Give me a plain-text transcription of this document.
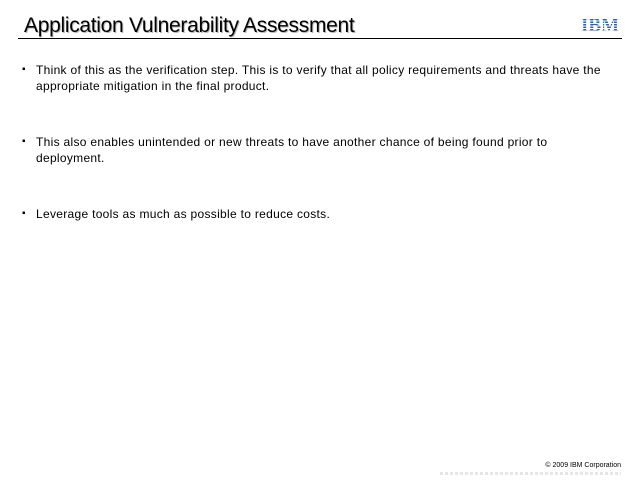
Application Vulnerability Assessment	IBM
▪ Think of this as the verification step. This is to verify that all policy requirements and threats have the appropriate mitigation in the final product.
▪ This also enables unintended or new threats to have another chance of being found prior to deployment.
▪ Leverage tools as much as possible to reduce costs.
© 2009 IBM Corporation
